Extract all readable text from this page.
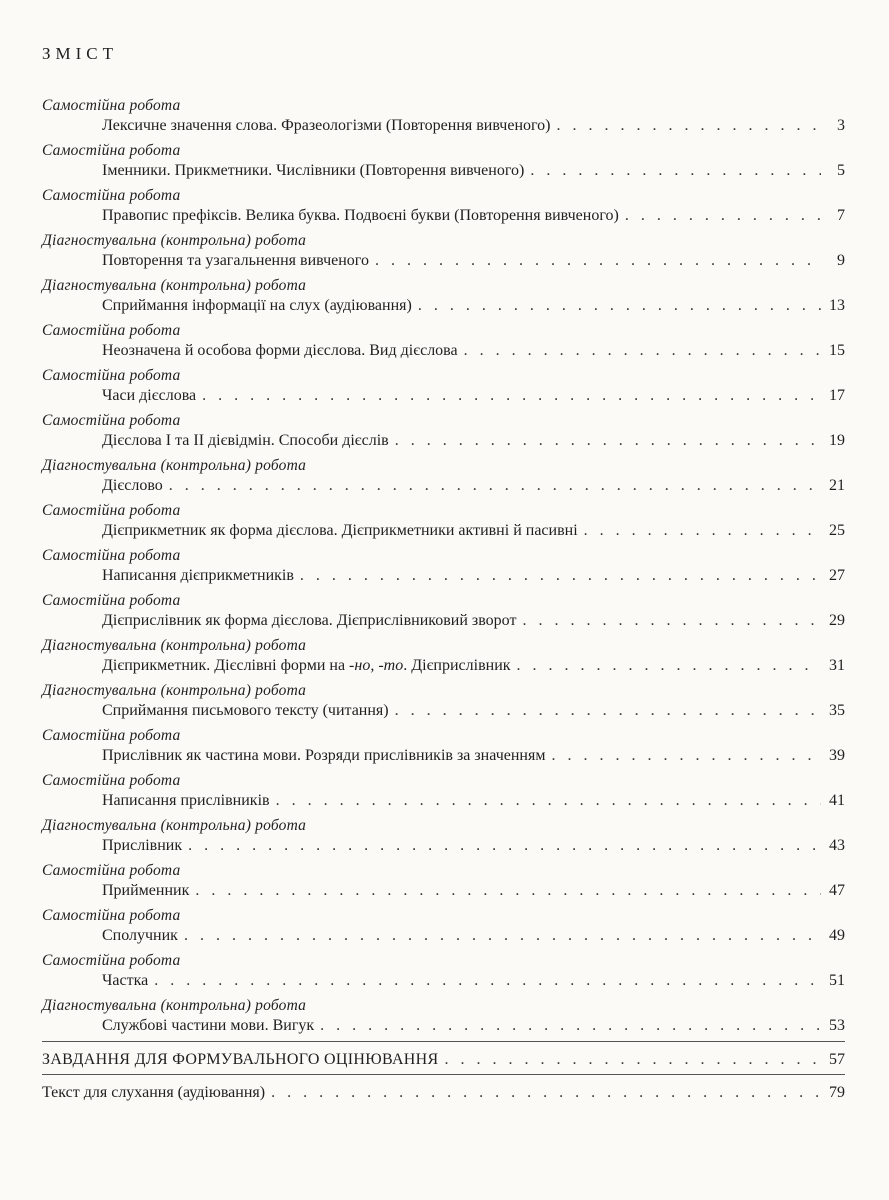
ЗМІСТ
Самостійна робота
Лексичне значення слова. Фразеологізми (Повторення вивченого) . . .	3
Самостійна робота
Іменники. Прикметники. Числівники (Повторення вивченого) . . .	5
Самостійна робота
Правопис префіксів. Велика буква. Подвоєні букви (Повторення вивченого) . . .	7
Діагностувальна (контрольна) робота
Повторення та узагальнення вивченого . . .	9
Діагностувальна (контрольна) робота
Сприймання інформації на слух (аудіювання) . . .	13
Самостійна робота
Неозначена й особова форми дієслова. Вид дієслова . . .	15
Самостійна робота
Часи дієслова . . .	17
Самостійна робота
Дієслова І та ІІ дієвідмін. Способи дієслів . . .	19
Діагностувальна (контрольна) робота
Дієслово . . .	21
Самостійна робота
Дієприкметник як форма дієслова. Дієприкметники активні й пасивні . . .	25
Самостійна робота
Написання дієприкметників . . .	27
Самостійна робота
Дієприслівник як форма дієслова. Дієприслівниковий зворот . . .	29
Діагностувальна (контрольна) робота
Дієприкметник. Дієслівні форми на -но, -то. Дієприслівник . . .	31
Діагностувальна (контрольна) робота
Сприймання письмового тексту (читання) . . .	35
Самостійна робота
Прислівник як частина мови. Розряди прислівників за значенням . . .	39
Самостійна робота
Написання прислівників . . .	41
Діагностувальна (контрольна) робота
Прислівник . . .	43
Самостійна робота
Прийменник . . .	47
Самостійна робота
Сполучник . . .	49
Самостійна робота
Частка . . .	51
Діагностувальна (контрольна) робота
Службові частини мови. Вигук . . .	53
ЗАВДАННЯ ДЛЯ ФОРМУВАЛЬНОГО ОЦІНЮВАННЯ . . .	57
Текст для слухання (аудіювання) . . .	79
